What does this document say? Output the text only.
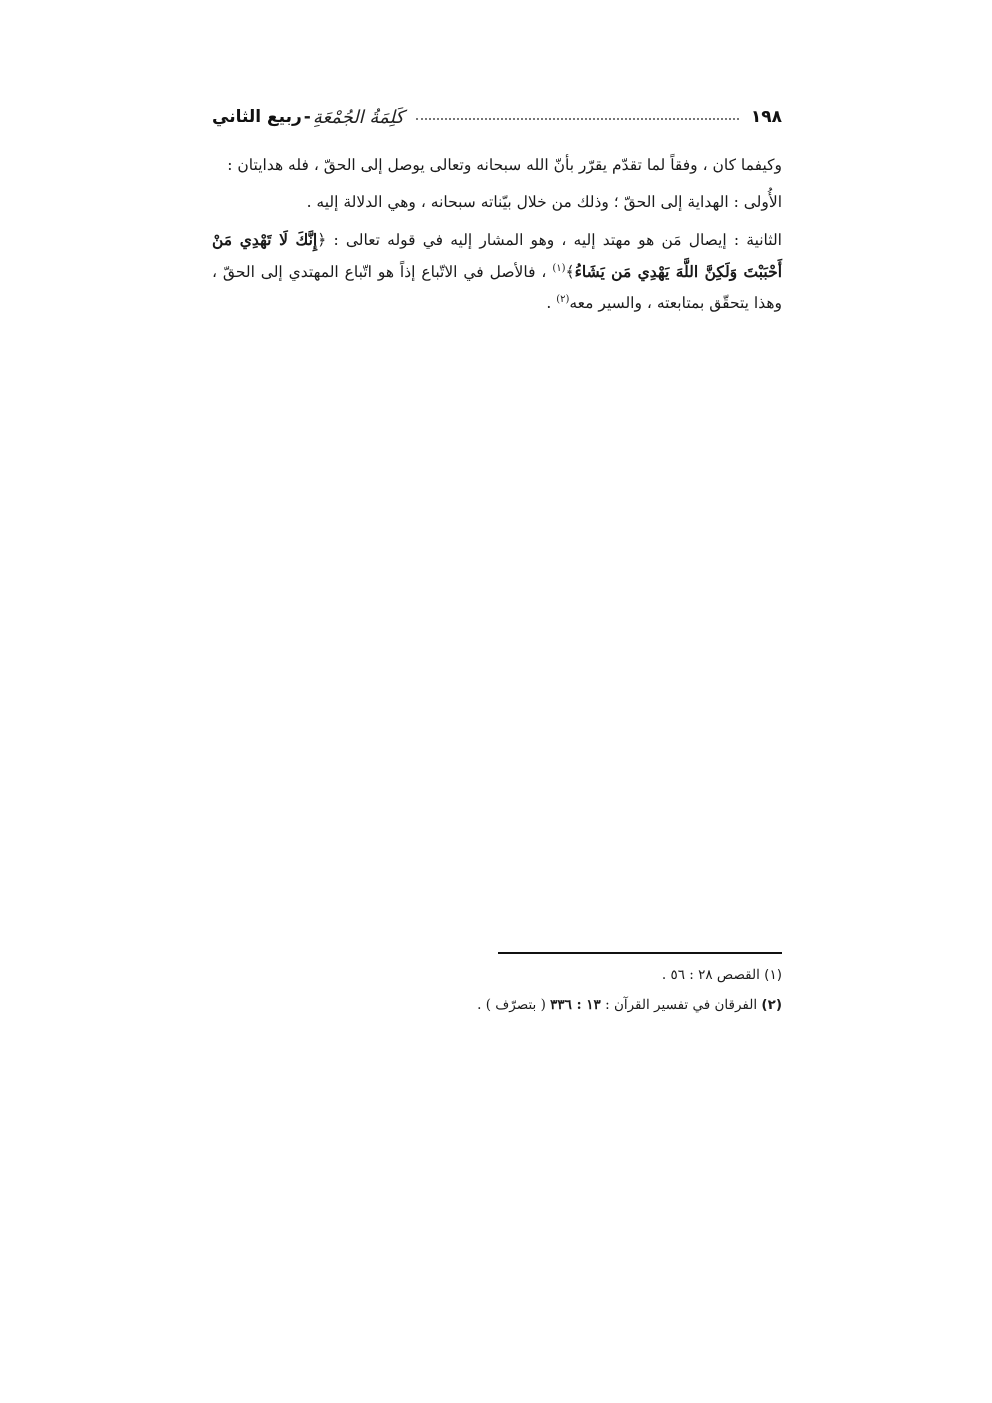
١٩٨
كَلِمَةُ الجُمْعَةِ
-
ربيع الثاني

وكيفما كان ، وفقاً لما تقدّم يقرّر بأنّ الله سبحانه وتعالى يوصل إلى الحقّ ، فله هدايتان :

الأُولى : الهداية إلى الحقّ ؛ وذلك من خلال بيّناته سبحانه ، وهي الدلالة إليه .

الثانية : إيصال مَن هو مهتد إليه ، وهو المشار إليه في قوله تعالى : ﴿إِنَّكَ لَا تَهْدِي مَنْ أَحْبَبْتَ وَلَكِنَّ اللَّهَ يَهْدِي مَن يَشَاءُ﴾$^{(١)}$ ، فالأصل في الاتّباع إذاً هو اتّباع المهتدي إلى الحقّ ، وهذا يتحقّق بمتابعته ، والسير معه$^{(٢)}$ .

(١) القصص ٢٨ : ٥٦ .

(٢) الفرقان في تفسير القرآن : ١٣ : ٣٣٦ ( بتصرّف ) .
